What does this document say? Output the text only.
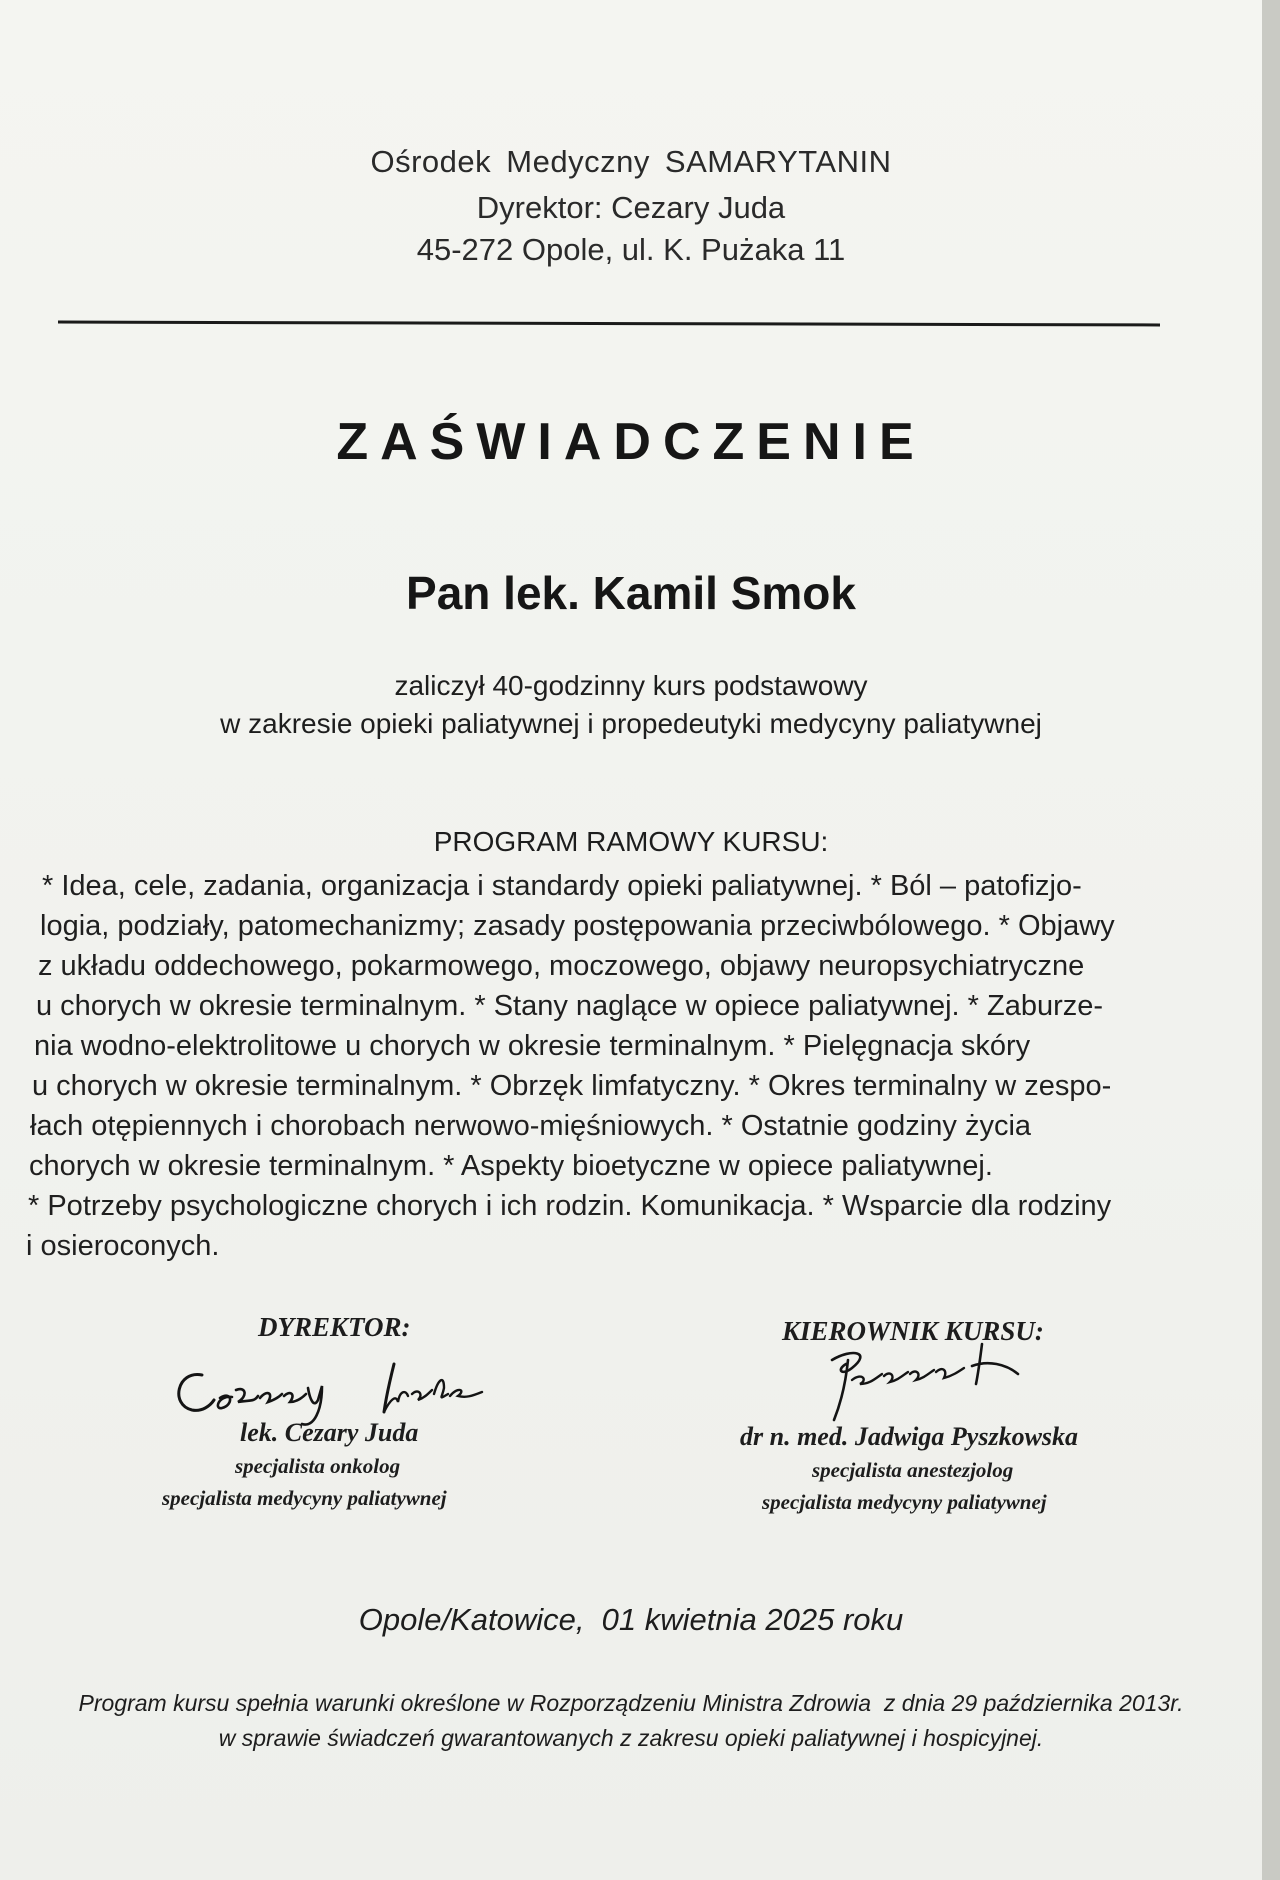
Ośrodek Medyczny SAMARYTANIN
Dyrektor: Cezary Juda
45-272 Opole, ul. K. Pużaka 11
ZAŚWIADCZENIE
Pan lek. Kamil Smok
zaliczył 40-godzinny kurs podstawowy
w zakresie opieki paliatywnej i propedeutyki medycyny paliatywnej
PROGRAM RAMOWY KURSU:
* Idea, cele, zadania, organizacja i standardy opieki paliatywnej. * Ból – patofizjo-
logia, podziały, patomechanizmy; zasady postępowania przeciwbólowego. * Objawy
z układu oddechowego, pokarmowego, moczowego, objawy neuropsychiatryczne
u chorych w okresie terminalnym. * Stany naglące w opiece paliatywnej. * Zaburze-
nia wodno-elektrolitowe u chorych w okresie terminalnym. * Pielęgnacja skóry
u chorych w okresie terminalnym. * Obrzęk limfatyczny. * Okres terminalny w zespo-
łach otępiennych i chorobach nerwowo-mięśniowych. * Ostatnie godziny życia
chorych w okresie terminalnym. * Aspekty bioetyczne w opiece paliatywnej.
* Potrzeby psychologiczne chorych i ich rodzin. Komunikacja. * Wsparcie dla rodziny
i osieroconych.
DYREKTOR:
lek. Cezary Juda
specjalista onkolog
specjalista medycyny paliatywnej
KIEROWNIK KURSU:
dr n. med. Jadwiga Pyszkowska
specjalista anestezjolog
specjalista medycyny paliatywnej
Opole/Katowice,  01 kwietnia 2025 roku
Program kursu spełnia warunki określone w Rozporządzeniu Ministra Zdrowia  z dnia 29 października 2013r.
w sprawie świadczeń gwarantowanych z zakresu opieki paliatywnej i hospicyjnej.
